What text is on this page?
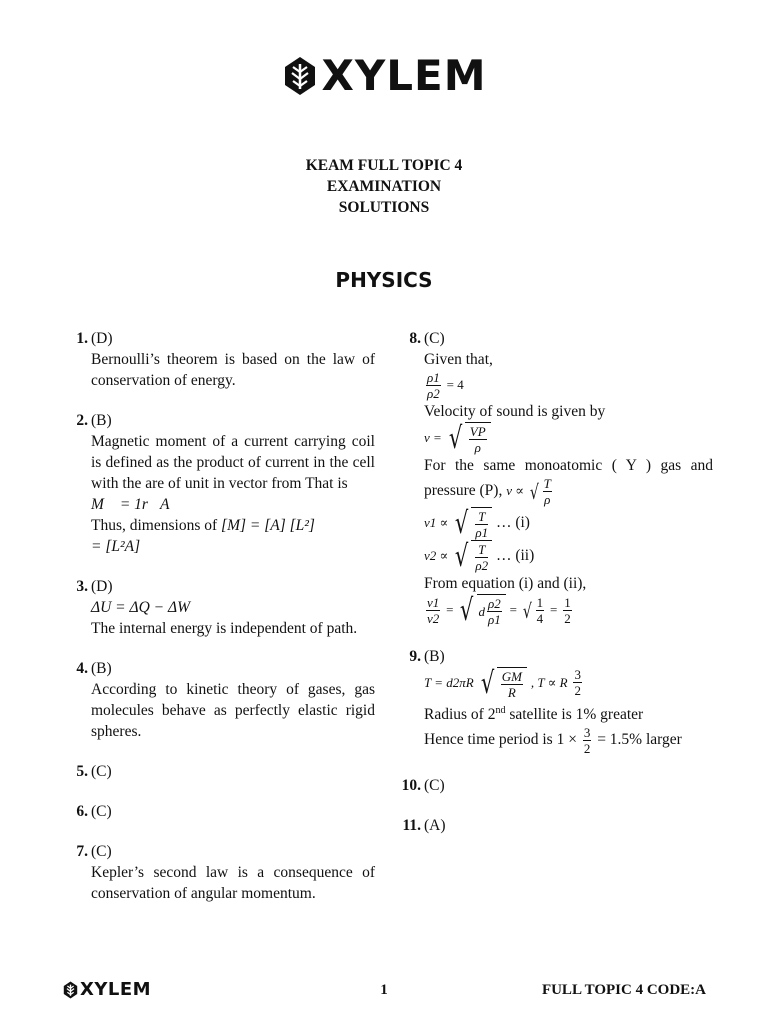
XYLEM
KEAM FULL TOPIC 4
EXAMINATION
SOLUTIONS
PHYSICS
1. (D)

Bernoulli’s theorem is based on the law of conservation of energy.

2. (B)

Magnetic moment of a current carrying coil is defined as the product of current in the cell with the are of unit in vector from That is

M⃗ = 1r⃗A

Thus, dimensions of [M] = [A] [L²]

= [L²A]

3. (D)

ΔU = ΔQ − ΔW

The internal energy is independent of path.

4. (B)

According to kinetic theory of gases, gas molecules behave as perfectly elastic rigid spheres.

5. (C)

6. (C)

7. (C)

Kepler’s second law is a consequence of conservation of angular momentum.

8. (C)

Given that,

$\frac{\rho 1}{\rho 2} = 4$

Velocity of sound is given by

v = √ $\frac{VP}{\rho}$

For the same monoatomic ( Y ) gas and pressure (P), v ∝ √ $\frac{T}{\rho}$

v1 ∝ √ $\frac{T}{\rho 1}$ … (i)

v2 ∝ √ $\frac{T}{\rho 2}$ … (ii)

From equation (i) and (ii),

$\frac{v1}{v2}$ = √ d $\frac{\rho 2}{\rho 1}$ = √ $\frac{1}{4} = \frac{1}{2}$

9. (B)

T = d2πR √ $\frac{GM}{R}$ , T ∝ R $\frac{3}{2}$

Radius of 2nd satellite is 1% greater

Hence time period is $1 \times \frac{3}{2} = 1.5\%$ larger

10. (C)

11. (A)

XYLEM	1	FULL TOPIC 4 CODE:A
